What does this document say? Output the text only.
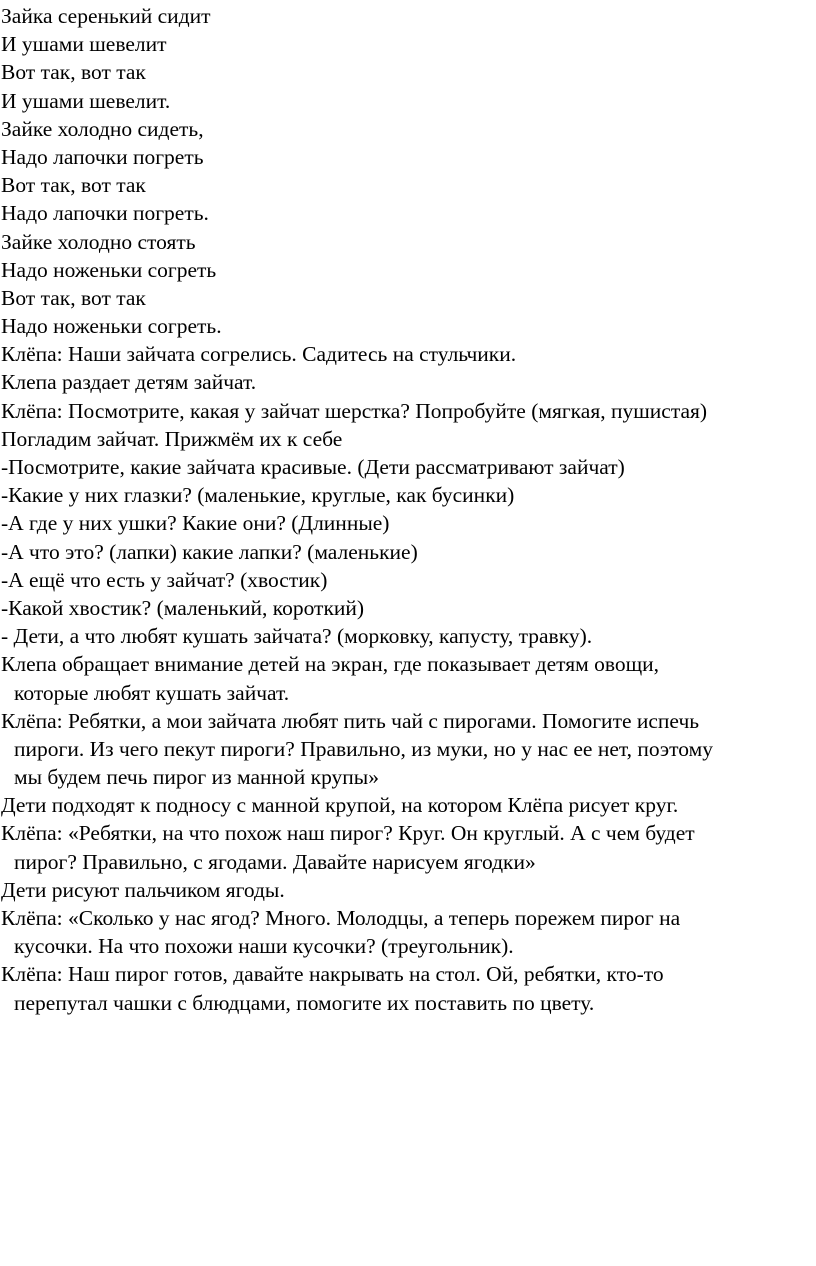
Зайка серенький сидит
И ушами шевелит
Вот так, вот так
И ушами шевелит.
Зайке холодно сидеть,
Надо лапочки погреть
Вот так, вот так
Надо лапочки погреть.
Зайке холодно стоять
Надо ноженьки согреть
Вот так, вот так
Надо ноженьки согреть.
Клёпа: Наши зайчата согрелись. Садитесь на стульчики.
Клепа раздает детям зайчат.
Клёпа: Посмотрите, какая у зайчат шерстка? Попробуйте (мягкая, пушистая)
Погладим зайчат. Прижмём их к себе
-Посмотрите, какие зайчата красивые. (Дети рассматривают зайчат)
-Какие у них глазки? (маленькие, круглые, как бусинки)
-А где у них ушки? Какие они? (Длинные)
-А что это? (лапки) какие лапки? (маленькие)
-А ещё что есть у зайчат? (хвостик)
-Какой хвостик? (маленький, короткий)
- Дети, а что любят кушать зайчата? (морковку, капусту, травку).
Клепа обращает внимание детей на экран, где показывает детям овощи,
которые любят кушать зайчат.
Клёпа: Ребятки, а мои зайчата любят пить чай с пирогами. Помогите испечь
пироги. Из чего пекут пироги? Правильно, из муки, но у нас ее нет, поэтому
мы будем печь пирог из манной крупы»
Дети подходят к подносу с манной крупой, на котором Клёпа рисует круг.
Клёпа: «Ребятки, на что похож наш пирог? Круг. Он круглый. А с чем будет
пирог? Правильно, с ягодами. Давайте нарисуем ягодки»
Дети рисуют пальчиком ягоды.
Клёпа: «Сколько у нас ягод? Много. Молодцы, а теперь порежем пирог на
кусочки. На что похожи наши кусочки? (треугольник).
Клёпа: Наш пирог готов, давайте накрывать на стол. Ой, ребятки, кто-то
перепутал чашки с блюдцами, помогите их поставить по цвету.
